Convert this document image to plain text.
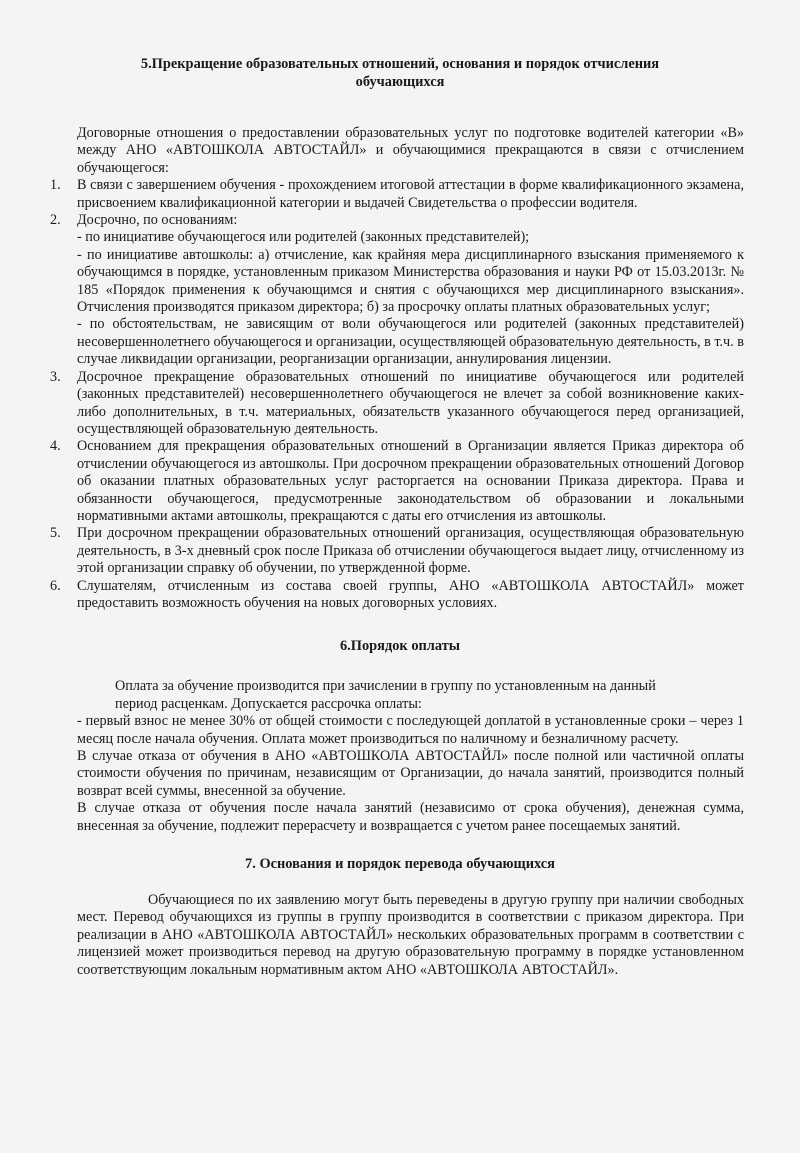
5.Прекращение образовательных отношений, основания и порядок отчисления обучающихся

Договорные отношения о предоставлении образовательных услуг по подготовке водителей категории «В» между АНО «АВТОШКОЛА АВТОСТАЙЛ» и обучающимися прекращаются в связи с отчислением обучающегося:

1. В связи с завершением обучения - прохождением итоговой аттестации в форме квалификационного экзамена, присвоением квалификационной категории и выдачей Свидетельства о профессии водителя.

2. Досрочно, по основаниям:

- по инициативе обучающегося или родителей (законных представителей);

- по инициативе автошколы: а) отчисление, как крайняя мера дисциплинарного взыскания применяемого к обучающимся в порядке, установленным приказом Министерства образования и науки РФ от 15.03.2013г. № 185 «Порядок применения к обучающимся и снятия с обучающихся мер дисциплинарного взыскания». Отчисления производятся приказом директора; б) за просрочку оплаты платных образовательных услуг;

- по обстоятельствам, не зависящим от воли обучающегося или родителей (законных представителей) несовершеннолетнего обучающегося и организации, осуществляющей образовательную деятельность, в т.ч. в случае ликвидации организации, реорганизации организации, аннулирования лицензии.

3. Досрочное прекращение образовательных отношений по инициативе обучающегося или родителей (законных представителей) несовершеннолетнего обучающегося не влечет за собой возникновение каких-либо дополнительных, в т.ч. материальных, обязательств указанного обучающегося перед организацией, осуществляющей образовательную деятельность.

4. Основанием для прекращения образовательных отношений в Организации является Приказ директора об отчислении обучающегося из автошколы. При досрочном прекращении образовательных отношений Договор об оказании платных образовательных услуг расторгается на основании Приказа директора. Права и обязанности обучающегося, предусмотренные законодательством об образовании и локальными нормативными актами автошколы, прекращаются с даты его отчисления из автошколы.

5. При досрочном прекращении образовательных отношений организация, осуществляющая образовательную деятельность, в 3-х дневный срок после Приказа об отчислении обучающегося выдает лицу, отчисленному из этой организации справку об обучении, по утвержденной форме.

6. Слушателям, отчисленным из состава своей группы, АНО «АВТОШКОЛА АВТОСТАЙЛ» может предоставить возможность обучения на новых договорных условиях.

6.Порядок оплаты

Оплата за обучение производится при зачислении в группу по установленным на данный
период расценкам. Допускается рассрочка оплаты:

- первый взнос не менее 30% от общей стоимости с последующей доплатой в установленные сроки – через 1 месяц после начала обучения. Оплата может производиться по наличному и безналичному расчету.

В случае отказа от обучения в АНО «АВТОШКОЛА АВТОСТАЙЛ» после полной или частичной оплаты стоимости обучения по причинам, независящим от Организации, до начала занятий, производится полный возврат всей суммы, внесенной за обучение.

В случае отказа от обучения после начала занятий (независимо от срока обучения), денежная сумма, внесенная за обучение, подлежит перерасчету и возвращается с учетом ранее посещаемых занятий.

7. Основания и порядок перевода обучающихся

Обучающиеся по их заявлению могут быть переведены в другую группу при наличии свободных мест. Перевод обучающихся из группы в группу производится в соответствии с приказом директора. При реализации в АНО «АВТОШКОЛА АВТОСТАЙЛ» нескольких образовательных программ в соответствии с лицензией может производиться перевод на другую образовательную программу в порядке установленном соответствующим локальным нормативным актом АНО «АВТОШКОЛА АВТОСТАЙЛ».
